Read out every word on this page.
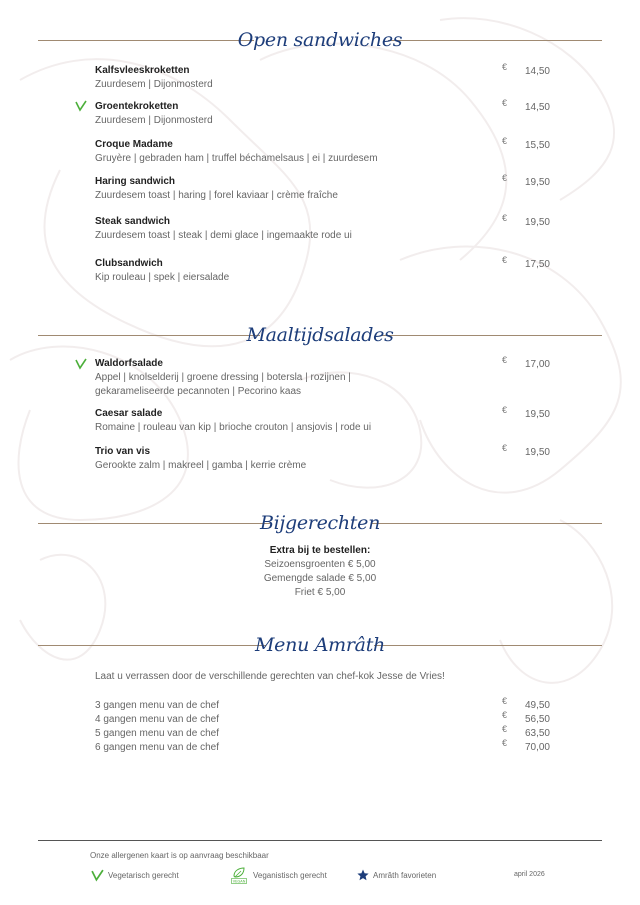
Open sandwiches
Kalfsvleeskroketten
Zuurdesem | Dijonmosterd
€ 14,50
Groentekroketten
Zuurdesem | Dijonmosterd
€ 14,50
Croque Madame
Gruyère | gebraden ham | truffel béchamelsaus | ei | zuurdesem
€ 15,50
Haring sandwich
Zuurdesem toast | haring | forel kaviaar | crème fraîche
€ 19,50
Steak sandwich
Zuurdesem toast | steak | demi glace | ingemaakte rode ui
€ 19,50
Clubsandwich
Kip rouleau | spek | eiersalade
€ 17,50
Maaltijdsalades
Waldorfsalade
Appel | knolselderij | groene dressing | botersla | rozijnen |
gekarameliseerde pecannoten | Pecorino kaas
€ 17,00
Caesar salade
Romaine | rouleau van kip | brioche crouton | ansjovis | rode ui
€ 19,50
Trio van vis
Gerookte zalm | makreel | gamba | kerrie crème
€ 19,50
Bijgerechten
Extra bij te bestellen:
Seizoensgroenten € 5,00
Gemengde salade € 5,00
Friet € 5,00
Menu Amrâth
Laat u verrassen door de verschillende gerechten van chef-kok Jesse de Vries!
3 gangen menu van de chef	€ 49,50
4 gangen menu van de chef	€ 56,50
5 gangen menu van de chef	€ 63,50
6 gangen menu van de chef	€ 70,00
Onze allergenen kaart is op aanvraag beschikbaar
Vegetarisch gerecht
VEGAN
Veganistisch gerecht	Amrâth favorieten	april 2026
